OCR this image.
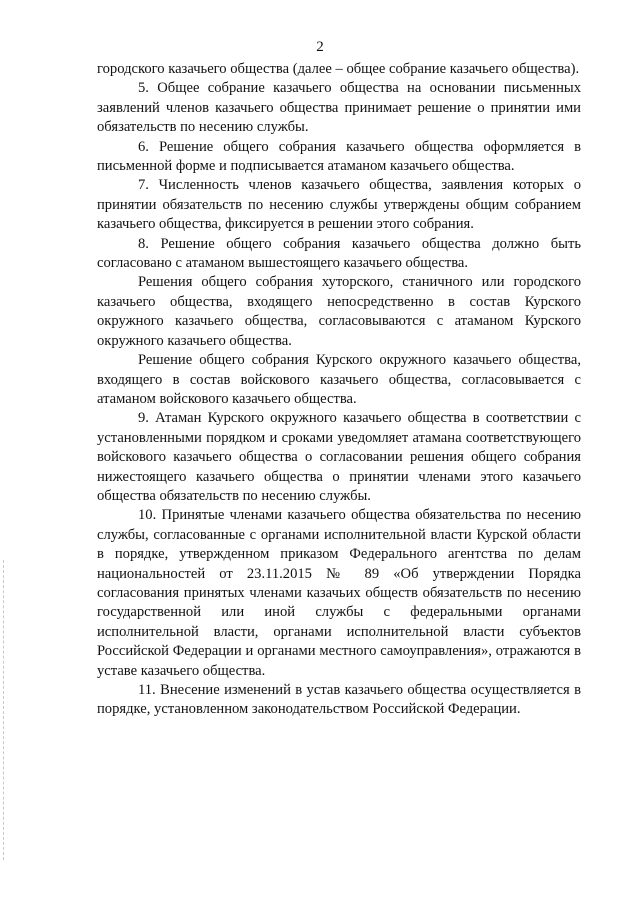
2

городского казачьего общества (далее – общее собрание казачьего общества).

5. Общее собрание казачьего общества на основании письменных заявлений членов казачьего общества принимает решение о принятии ими обязательств по несению службы.

6. Решение общего собрания казачьего общества оформляется в письменной форме и подписывается атаманом казачьего общества.

7. Численность членов казачьего общества, заявления которых о принятии обязательств по несению службы утверждены общим собранием казачьего общества, фиксируется в решении этого собрания.

8. Решение общего собрания казачьего общества должно быть согласовано с атаманом вышестоящего казачьего общества.

Решения общего собрания хуторского, станичного или городского казачьего общества, входящего непосредственно в состав Курского окружного казачьего общества, согласовываются с атаманом Курского окружного казачьего общества.

Решение общего собрания Курского окружного казачьего общества, входящего в состав войскового казачьего общества, согласовывается с атаманом войскового казачьего общества.

9. Атаман Курского окружного казачьего общества в соответствии с установленными порядком и сроками уведомляет атамана соответствующего войскового казачьего общества о согласовании решения общего собрания нижестоящего казачьего общества о принятии членами этого казачьего общества обязательств по несению службы.

10. Принятые членами казачьего общества обязательства по несению службы, согласованные с органами исполнительной власти Курской области в порядке, утвержденном приказом Федерального агентства по делам национальностей от 23.11.2015 № 89 «Об утверждении Порядка согласования принятых членами казачьих обществ обязательств по несению государственной или иной службы с федеральными органами исполнительной власти, органами исполнительной власти субъектов Российской Федерации и органами местного самоуправления», отражаются в уставе казачьего общества.

11. Внесение изменений в устав казачьего общества осуществляется в порядке, установленном законодательством Российской Федерации.
